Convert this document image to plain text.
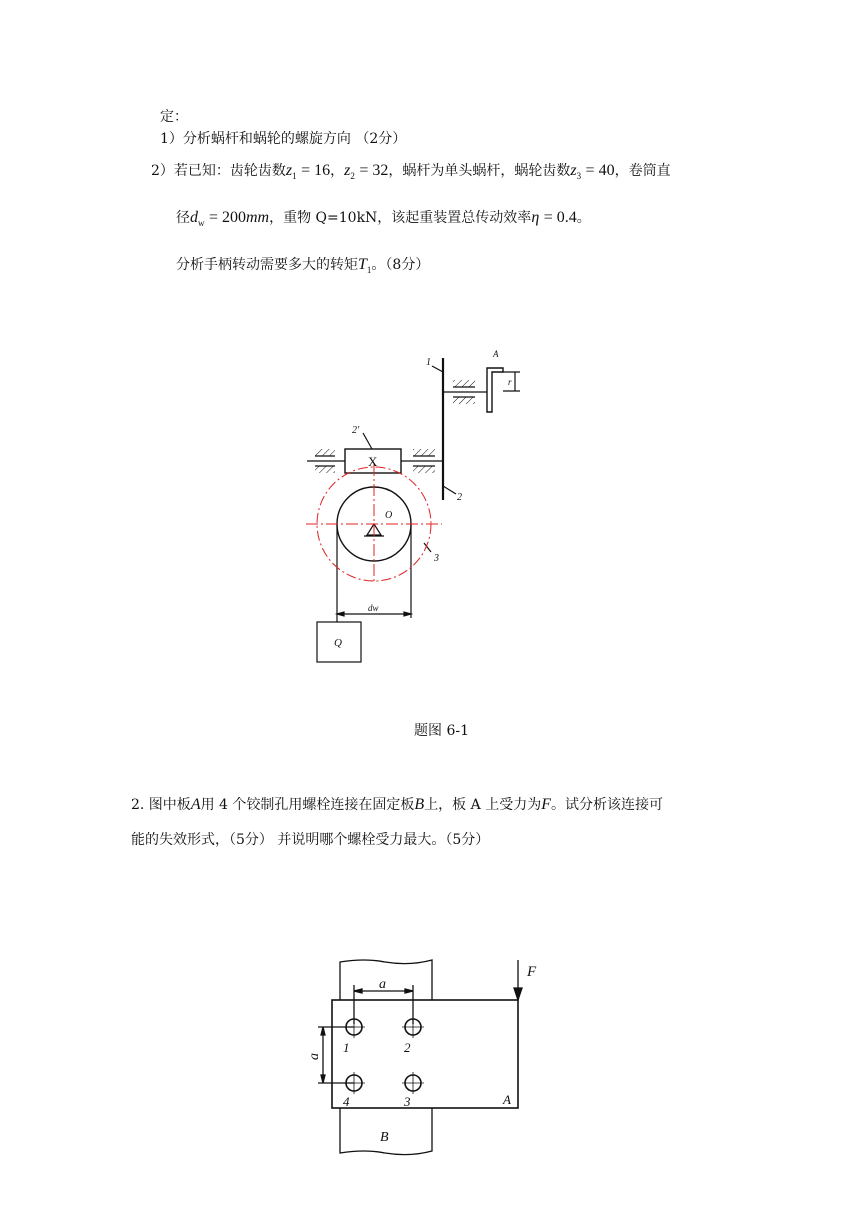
定：
1）分析蜗杆和蜗轮的螺旋方向 （2分）
2）若已知：齿轮齿数$z_1 = 16$，$z_2 = 32$，蜗杆为单头蜗杆，蜗轮齿数$z_3 = 40$，卷筒直
径$d_w = 200mm$，重物 Q=10kN，该起重装置总传动效率η = 0.4。
分析手柄转动需要多大的转矩$T_1$。（8分）
1
A
r
2′
X
2
O
3
dw
Q
题图 6-1
2. 图中板A用 4 个铰制孔用螺栓连接在固定板B上，板 A 上受力为F。试分析该连接可
能的失效形式，（5分） 并说明哪个螺栓受力最大。（5分）
F
a
a
1	2
4	3	A
B
